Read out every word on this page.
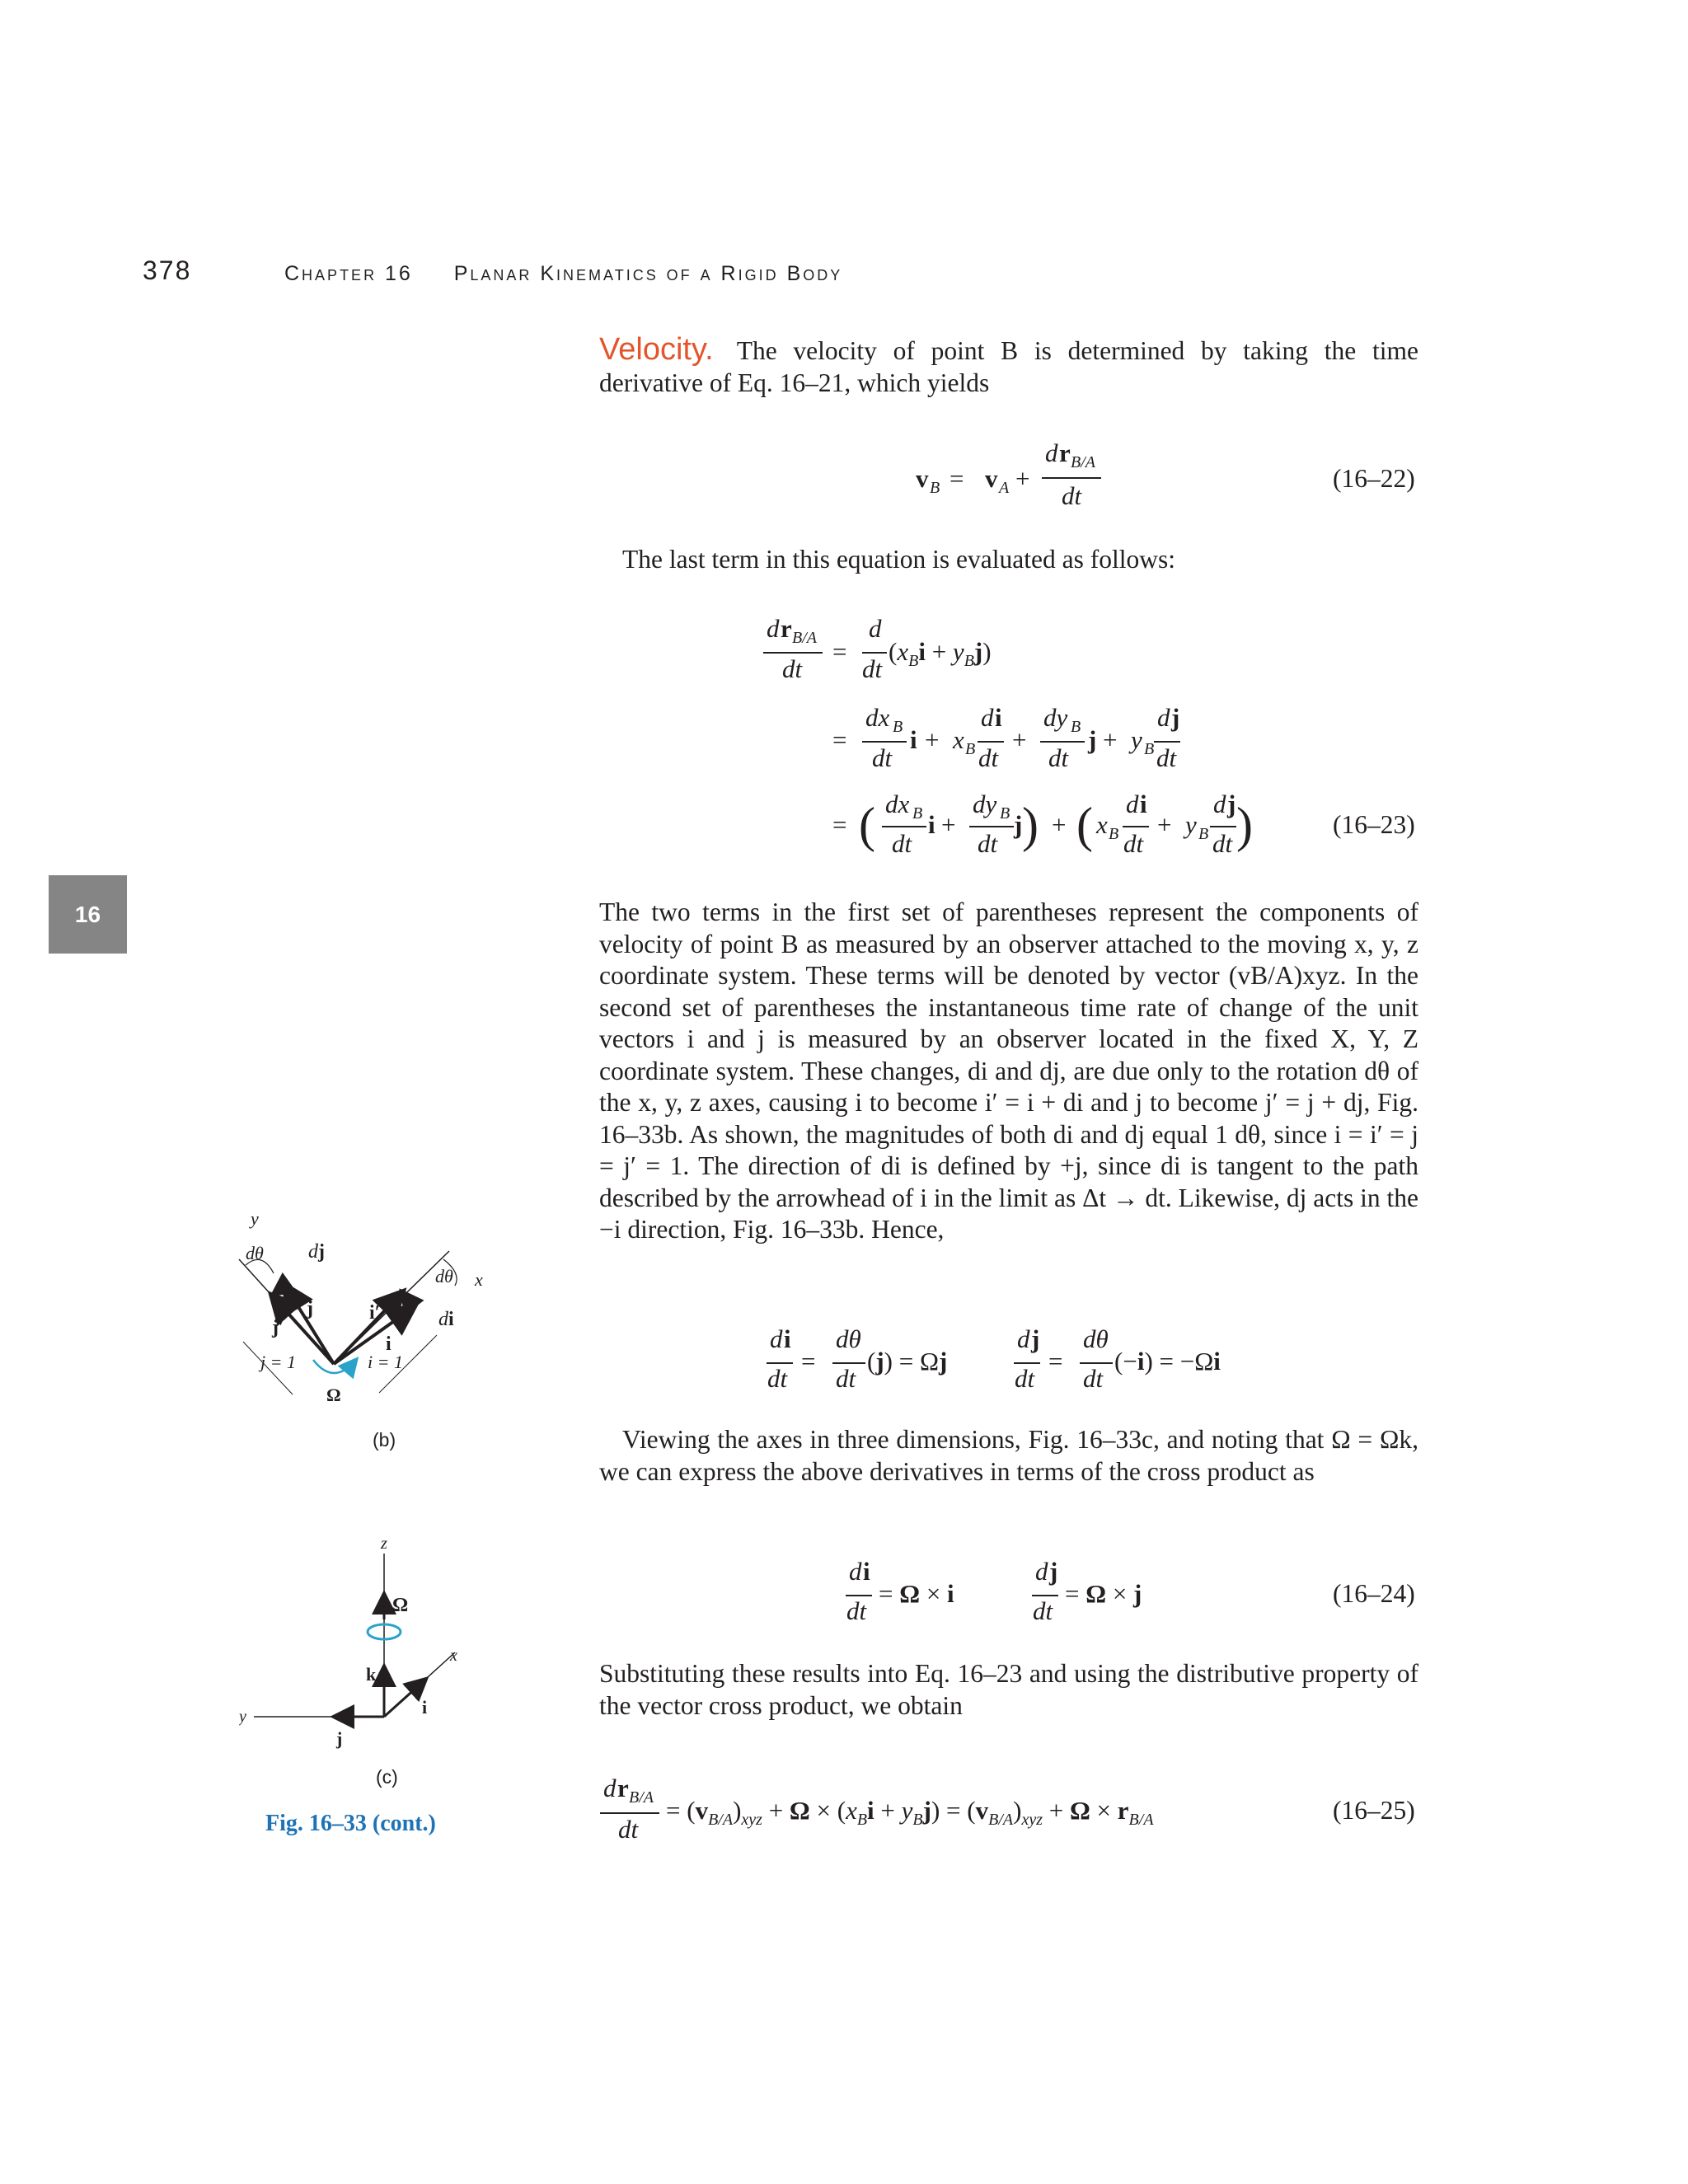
378	Chapter 16 Planar Kinematics of a Rigid Body
16
Velocity. The velocity of point B is determined by taking the time derivative of Eq. 16–21, which yields
v B = v A +
d r B/A
dt
(16–22)
d r B/A
dt
=
d
dt
$(x_Bi + y_Bj)$
=
dx B
dt
i + x B
d i
dt
+
dy B
dt
j + y B
d j
dt
= ( dx B
dt
i +
dy B
dt
j ) + ( x B
d i
dt
+ y B
d j
dt )	(16–23)
d i
dt
=
dθ
dt
(j) = Ωj
d j
dt
=
dθ
dt
(−i) = −Ωi
d i
dt
= Ω × i
d j
dt
= Ω × j	(16–24)
d r B/A
dt
= $(v_{B/A})_{xyz} + \Omega \times (x_Bi + y_Bj) = (v_{B/A})_{xyz} + \Omega \times r_{B/A}$	(16–25)
The last term in this equation is evaluated as follows:
The two terms in the first set of parentheses represent the components of velocity of point B as measured by an observer attached to the moving x, y, z coordinate system. These terms will be denoted by vector (vB/A)xyz. In the second set of parentheses the instantaneous time rate of change of the unit vectors i and j is measured by an observer located in the fixed X, Y, Z coordinate system. These changes, di and dj, are due only to the rotation dθ of the x, y, z axes, causing i to become i′ = i + di and j to become j′ = j + dj, Fig. 16–33b. As shown, the magnitudes of both di and dj equal 1 dθ, since i = i′ = j = j′ = 1. The direction of di is defined by +j, since di is tangent to the path described by the arrowhead of i in the limit as Δt → dt. Likewise, dj acts in the −i direction, Fig. 16–33b. Hence,
Viewing the axes in three dimensions, Fig. 16–33c, and noting that Ω = Ωk, we can express the above derivatives in terms of the cross product as
Substituting these results into Eq. 16–23 and using the distributive property of the vector cross product, we obtain
y
x
dθ dj
j
j′
i′
i
dθ
di
j = 1	i = 1
Ω
(b)
z
y
x
Ω
k
j
i
(c)
Fig. 16–33 (cont.)
